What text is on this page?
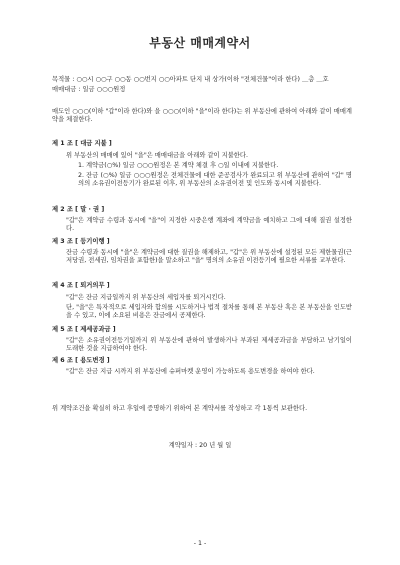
부동산 매매계약서
목적물 : ○○시 ○○구 ○○동 ○○번지 ○○아파트 단지 내 상가(이하 "전체건물"이라 한다) ＿층 ＿호
매매대금 : 일금 ○○○원정
매도인 ○○○(이하 "갑"이라 한다)와 을 ○○○(이하 "을"이라 한다)는 위 부동산에 관하여 아래와 같이 매매계약을 체결한다.
제 1 조 [ 대금 지불 ]
위 부동산의 매매에 있어 "을"은 매매대금을 아래와 같이 지불한다.
1. 계약금(○%) 일금 ○○○원정은 본 계약 체결 후 ○일 이내에 지불한다.
2. 잔금 (○%) 일금 ○○○원정은 전체건물에 대한 준공검사가 완료되고 위 부동산에 관하여 "갑" 명의의 소유권이전등기가 완료된 이후, 위 부동산의 소유권이전 및 인도와 동시에 지불한다.
제 2 조 [ 말 · 권 ]
"갑"은 계약금 수령과 동시에 "을"이 지정한 시중은행 계좌에 계약금을 예치하고 그에 대해 질권 설정한다.
제 3 조 [ 등기이행 ]
잔금 수령과 동시에 "을"은 계약금에 대한 질권을 해제하고, "갑"은 위 부동산에 설정된 모든 제한물권(근저당권, 전세권, 임차권을 포함한)을 말소하고 "을" 명의의 소유권 이전등기에 필요한 서류를 교부한다.
제 4 조 [ 퇴거의무 ]
"갑"은 잔금 지급일까지 위 부동산의 세입자를 퇴거시킨다.
단, "을"은 특자적으로 세입자와 합의를 시도하거나 법적 절차를 통해 본 부동산 혹은 본 부동산을 인도받을 수 있고, 이에 소요된 비용은 잔금에서 공제한다.
제 5 조 [ 제세공과금 ]
"갑"은 소유권이전등기일까지 위 부동산에 관하여 발생하거나 부과된 제세공과금을 부담하고 남기일이 도래한 것을 지급하여야 한다.
제 6 조 [ 용도변경 ]
"갑"은 잔금 지급 시까지 위 부동산에 슈퍼마켓 운영이 가능하도록 용도변경을 하여야 한다.
위 계약조건을 확실히 하고 후일에 증명하기 위하여 본 계약서를 작성하고 각 1통씩 보관한다.
계약일자 : 20 년 월 일
- 1 -
